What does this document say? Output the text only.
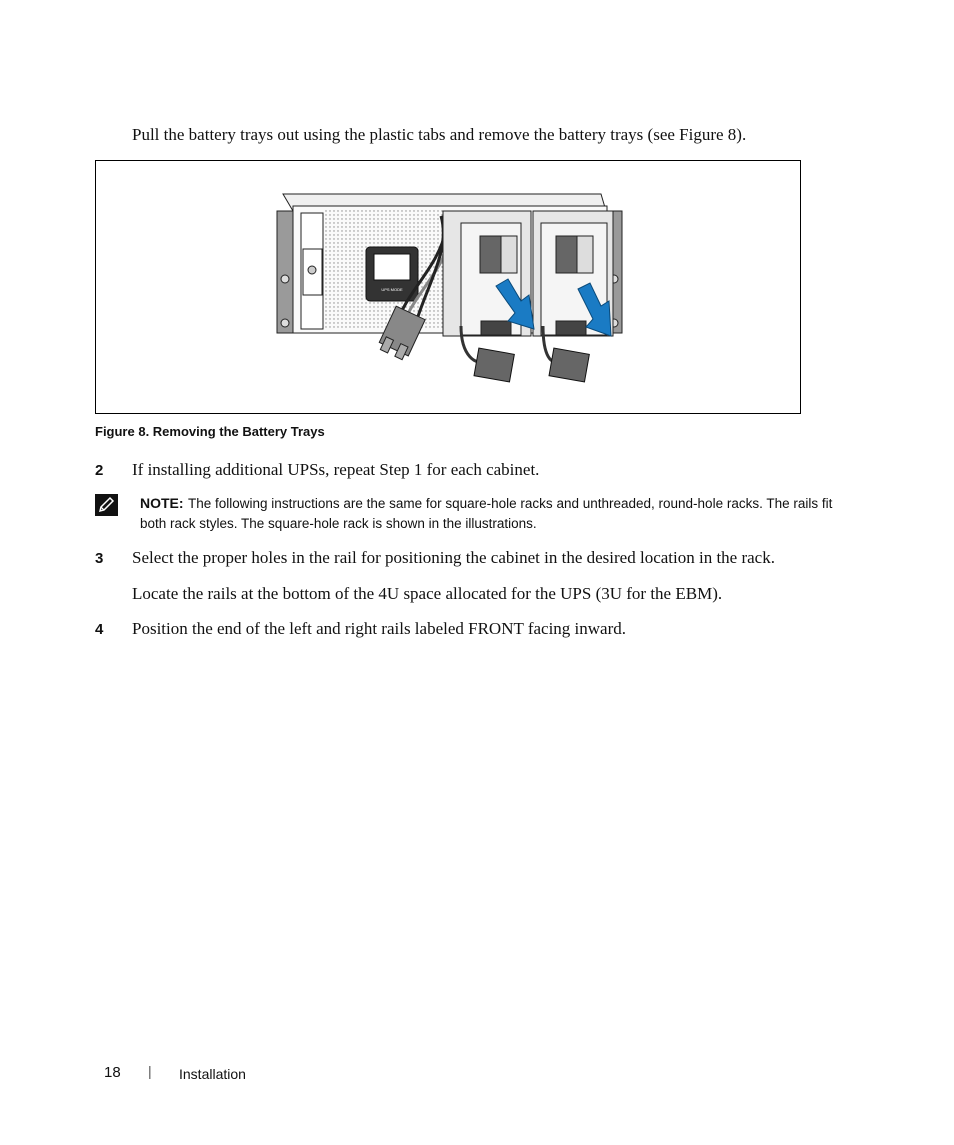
Pull the battery trays out using the plastic tabs and remove the battery trays (see Figure 8).
UPS MODE
Figure 8. Removing the Battery Trays
2 If installing additional UPSs, repeat Step 1 for each cabinet.
NOTE: The following instructions are the same for square-hole racks and unthreaded, round-hole racks. The rails fit both rack styles. The square-hole rack is shown in the illustrations.
3 Select the proper holes in the rail for positioning the cabinet in the desired location in the rack.
Locate the rails at the bottom of the 4U space allocated for the UPS (3U for the EBM).
4 Position the end of the left and right rails labeled FRONT facing inward.
18 | Installation
